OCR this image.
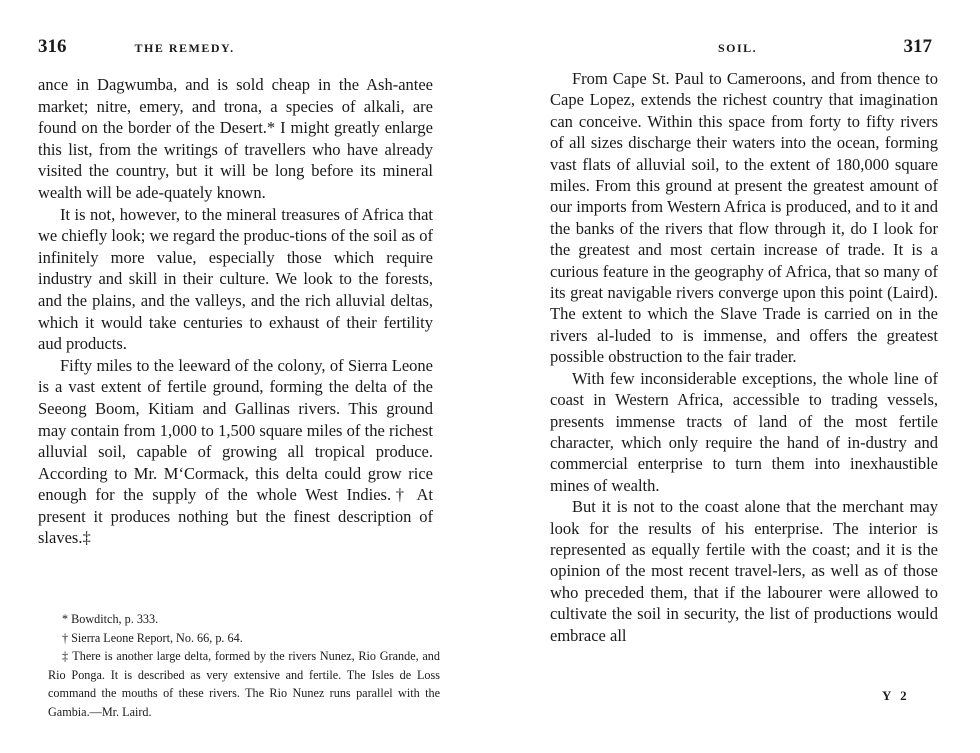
316	THE REMEDY.

ance in Dagwumba, and is sold cheap in the Ash-antee market; nitre, emery, and trona, a species of alkali, are found on the border of the Desert.* I might greatly enlarge this list, from the writings of travellers who have already visited the country, but it will be long before its mineral wealth will be ade-quately known.

It is not, however, to the mineral treasures of Africa that we chiefly look; we regard the produc-tions of the soil as of infinitely more value, especially those which require industry and skill in their culture. We look to the forests, and the plains, and the valleys, and the rich alluvial deltas, which it would take centuries to exhaust of their fertility aud products.

Fifty miles to the leeward of the colony, of Sierra Leone is a vast extent of fertile ground, forming the delta of the Seeong Boom, Kitiam and Gallinas rivers. This ground may contain from 1,000 to 1,500 square miles of the richest alluvial soil, capable of growing all tropical produce. According to Mr. M‘Cormack, this delta could grow rice enough for the supply of the whole West Indies.† At present it produces nothing but the finest description of slaves.‡

* Bowditch, p. 333.

† Sierra Leone Report, No. 66, p. 64.

‡ There is another large delta, formed by the rivers Nunez, Rio Grande, and Rio Ponga. It is described as very extensive and fertile. The Isles de Loss command the mouths of these rivers. The Rio Nunez runs parallel with the Gambia.—Mr. Laird.

SOIL.	317

From Cape St. Paul to Cameroons, and from thence to Cape Lopez, extends the richest country that imagination can conceive. Within this space from forty to fifty rivers of all sizes discharge their waters into the ocean, forming vast flats of alluvial soil, to the extent of 180,000 square miles. From this ground at present the greatest amount of our imports from Western Africa is produced, and to it and the banks of the rivers that flow through it, do I look for the greatest and most certain increase of trade. It is a curious feature in the geography of Africa, that so many of its great navigable rivers converge upon this point (Laird). The extent to which the Slave Trade is carried on in the rivers al-luded to is immense, and offers the greatest possible obstruction to the fair trader.

With few inconsiderable exceptions, the whole line of coast in Western Africa, accessible to trading vessels, presents immense tracts of land of the most fertile character, which only require the hand of in-dustry and commercial enterprise to turn them into inexhaustible mines of wealth.

But it is not to the coast alone that the merchant may look for the results of his enterprise. The interior is represented as equally fertile with the coast; and it is the opinion of the most recent travel-lers, as well as of those who preceded them, that if the labourer were allowed to cultivate the soil in security, the list of productions would embrace all

Y 2
